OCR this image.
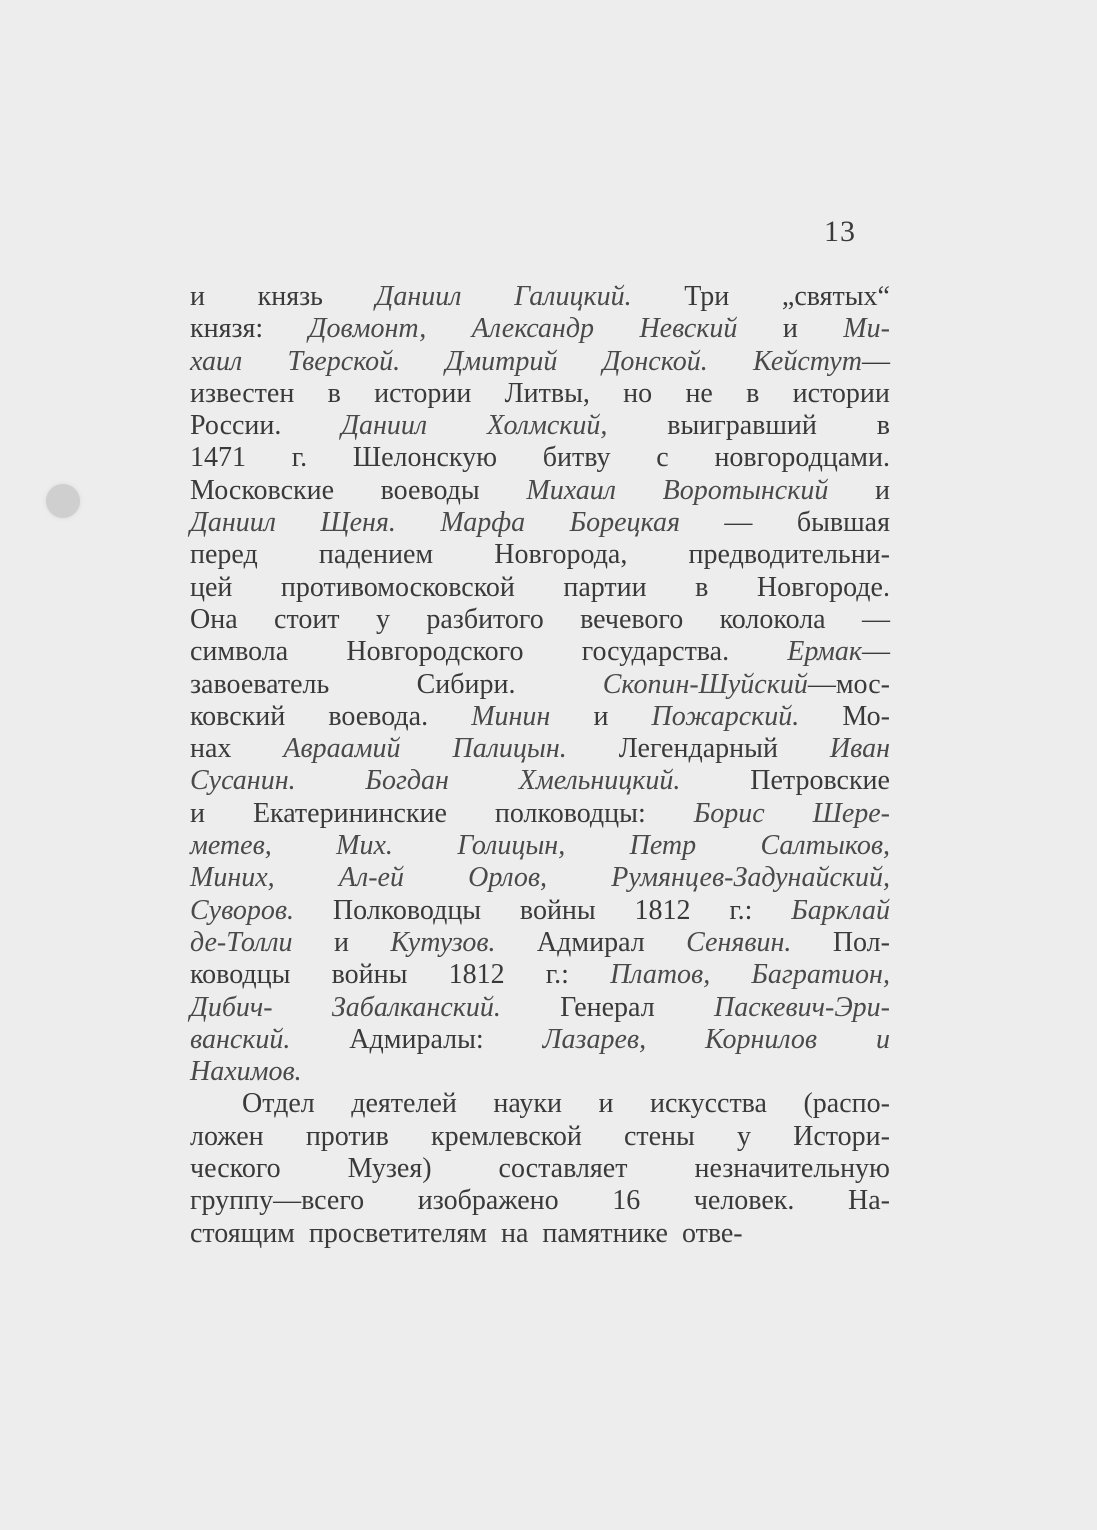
13
и князь Даниил Галицкий. Три „святых“
князя: Довмонт, Александр Невский и Ми-
хаил Тверской. Дмитрий Донской. Кейстут—
известен в истории Литвы, но не в истории
России. Даниил Холмский, выигравший в
1471 г. Шелонскую битву с новгородцами.
Московские воеводы Михаил Воротынский и
Даниил Щеня. Марфа Борецкая — бывшая
перед падением Новгорода, предводительни-
цей противомосковской партии в Новгороде.
Она стоит у разбитого вечевого колокола —
символа Новгородского государства. Ермак—
завоеватель	Сибири.	Скопин-Шуйский—мос-
ковский воевода. Минин и Пожарский. Мо-
нах Авраамий Палицын. Легендарный Иван
Сусанин. Богдан Хмельницкий. Петровские
и Екатерининские полководцы: Борис Шере-
метев, Мих. Голицын, Петр Салтыков,
Миних, Ал-ей Орлов, Румянцев-Задунайский,
Суворов. Полководцы войны 1812 г.: Барклай
де-Толли и Кутузов. Адмирал Сенявин. Пол-
ководцы войны 1812 г.: Платов, Багратион,
Дибич- Забалканский. Генерал Паскевич-Эри-
ванский. Адмиралы: Лазарев, Корнилов и
Нахимов.
Отдел деятелей науки и искусства (распо-
ложен против кремлевской стены у Истори-
ческого Музея) составляет незначительную
группу—всего изображено 16 человек. На-
стоящим просветителям на памятнике отве-
